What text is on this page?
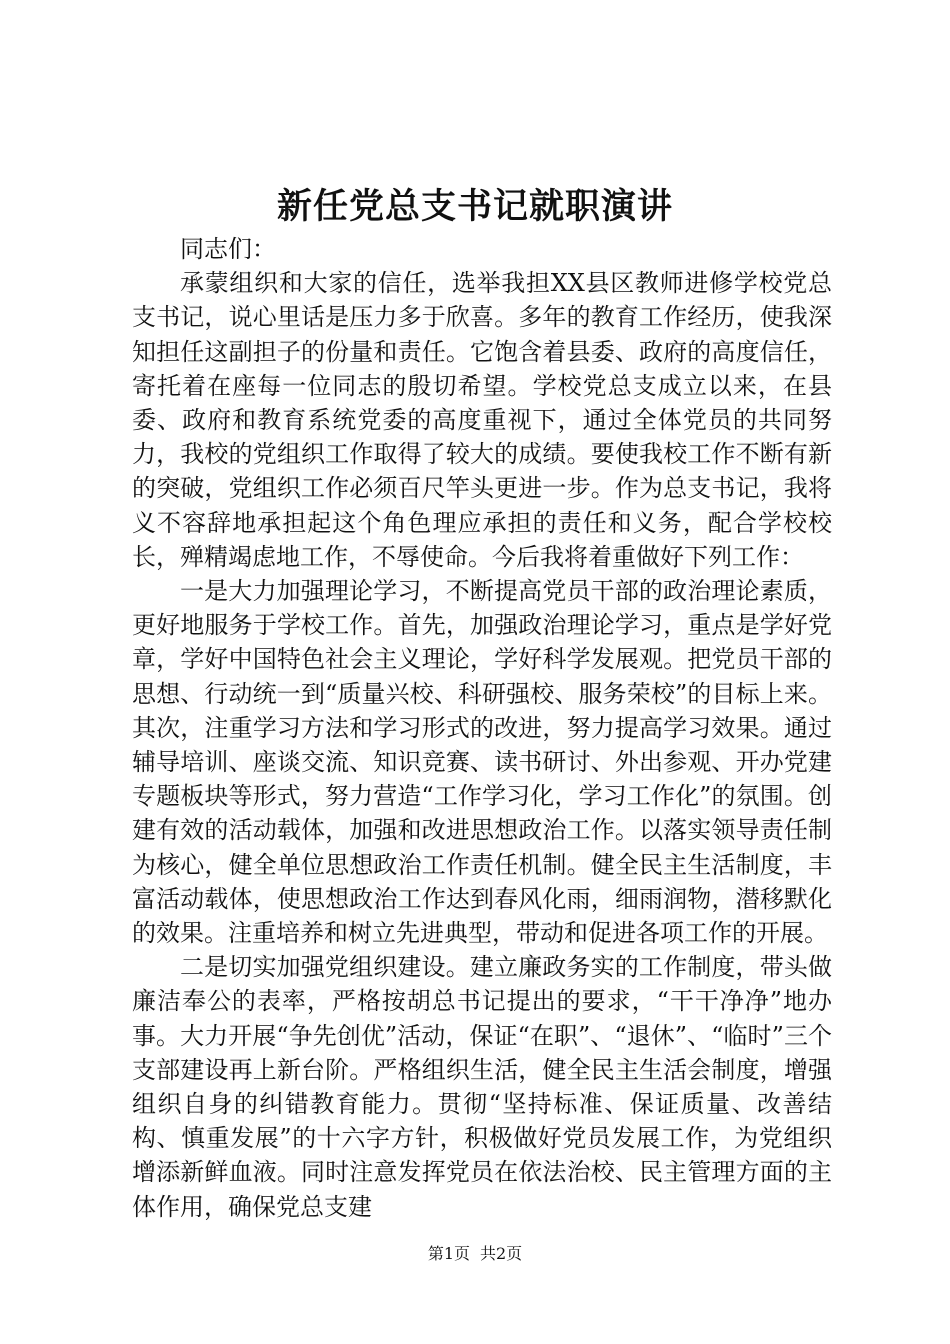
新任党总支书记就职演讲

同志们：

承蒙组织和大家的信任，选举我担XX县区教师进修学校党总支书记，说心里话是压力多于欣喜。多年的教育工作经历，使我深知担任这副担子的份量和责任。它饱含着县委、政府的高度信任，寄托着在座每一位同志的殷切希望。学校党总支成立以来，在县委、政府和教育系统党委的高度重视下，通过全体党员的共同努力，我校的党组织工作取得了较大的成绩。要使我校工作不断有新的突破，党组织工作必须百尺竿头更进一步。作为总支书记，我将义不容辞地承担起这个角色理应承担的责任和义务，配合学校校长，殚精竭虑地工作，不辱使命。今后我将着重做好下列工作：

一是大力加强理论学习，不断提高党员干部的政治理论素质，更好地服务于学校工作。首先，加强政治理论学习，重点是学好党章，学好中国特色社会主义理论，学好科学发展观。把党员干部的思想、行动统一到“质量兴校、科研强校、服务荣校”的目标上来。其次，注重学习方法和学习形式的改进，努力提高学习效果。通过辅导培训、座谈交流、知识竞赛、读书研讨、外出参观、开办党建专题板块等形式，努力营造“工作学习化，学习工作化”的氛围。创建有效的活动载体，加强和改进思想政治工作。以落实领导责任制为核心，健全单位思想政治工作责任机制。健全民主生活制度，丰富活动载体，使思想政治工作达到春风化雨，细雨润物，潜移默化的效果。注重培养和树立先进典型，带动和促进各项工作的开展。

二是切实加强党组织建设。建立廉政务实的工作制度，带头做廉洁奉公的表率，严格按胡总书记提出的要求，“干干净净”地办事。大力开展“争先创优”活动，保证“在职”、“退休”、“临时”三个支部建设再上新台阶。严格组织生活，健全民主生活会制度，增强组织自身的纠错教育能力。贯彻“坚持标准、保证质量、改善结构、慎重发展”的十六字方针，积极做好党员发展工作，为党组织增添新鲜血液。同时注意发挥党员在依法治校、民主管理方面的主体作用，确保党总支建

第1页 共2页
